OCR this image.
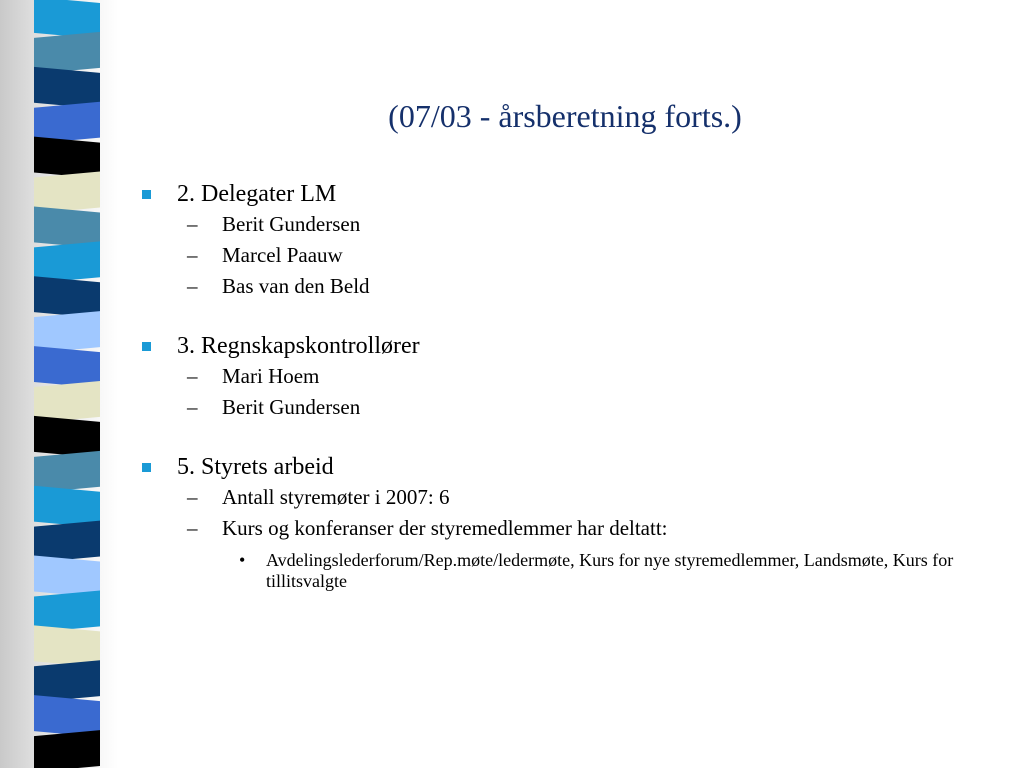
(07/03 - årsberetning forts.)
2. Delegater LM
– Berit Gundersen
– Marcel Paauw
– Bas van den Beld
3. Regnskapskontrollører
– Mari Hoem
– Berit Gundersen
5. Styrets arbeid
– Antall styremøter i 2007: 6
– Kurs og konferanser der styremedlemmer har deltatt:
• Avdelingslederforum/Rep.møte/ledermøte, Kurs for nye styremedlemmer, Landsmøte, Kurs for tillitsvalgte
